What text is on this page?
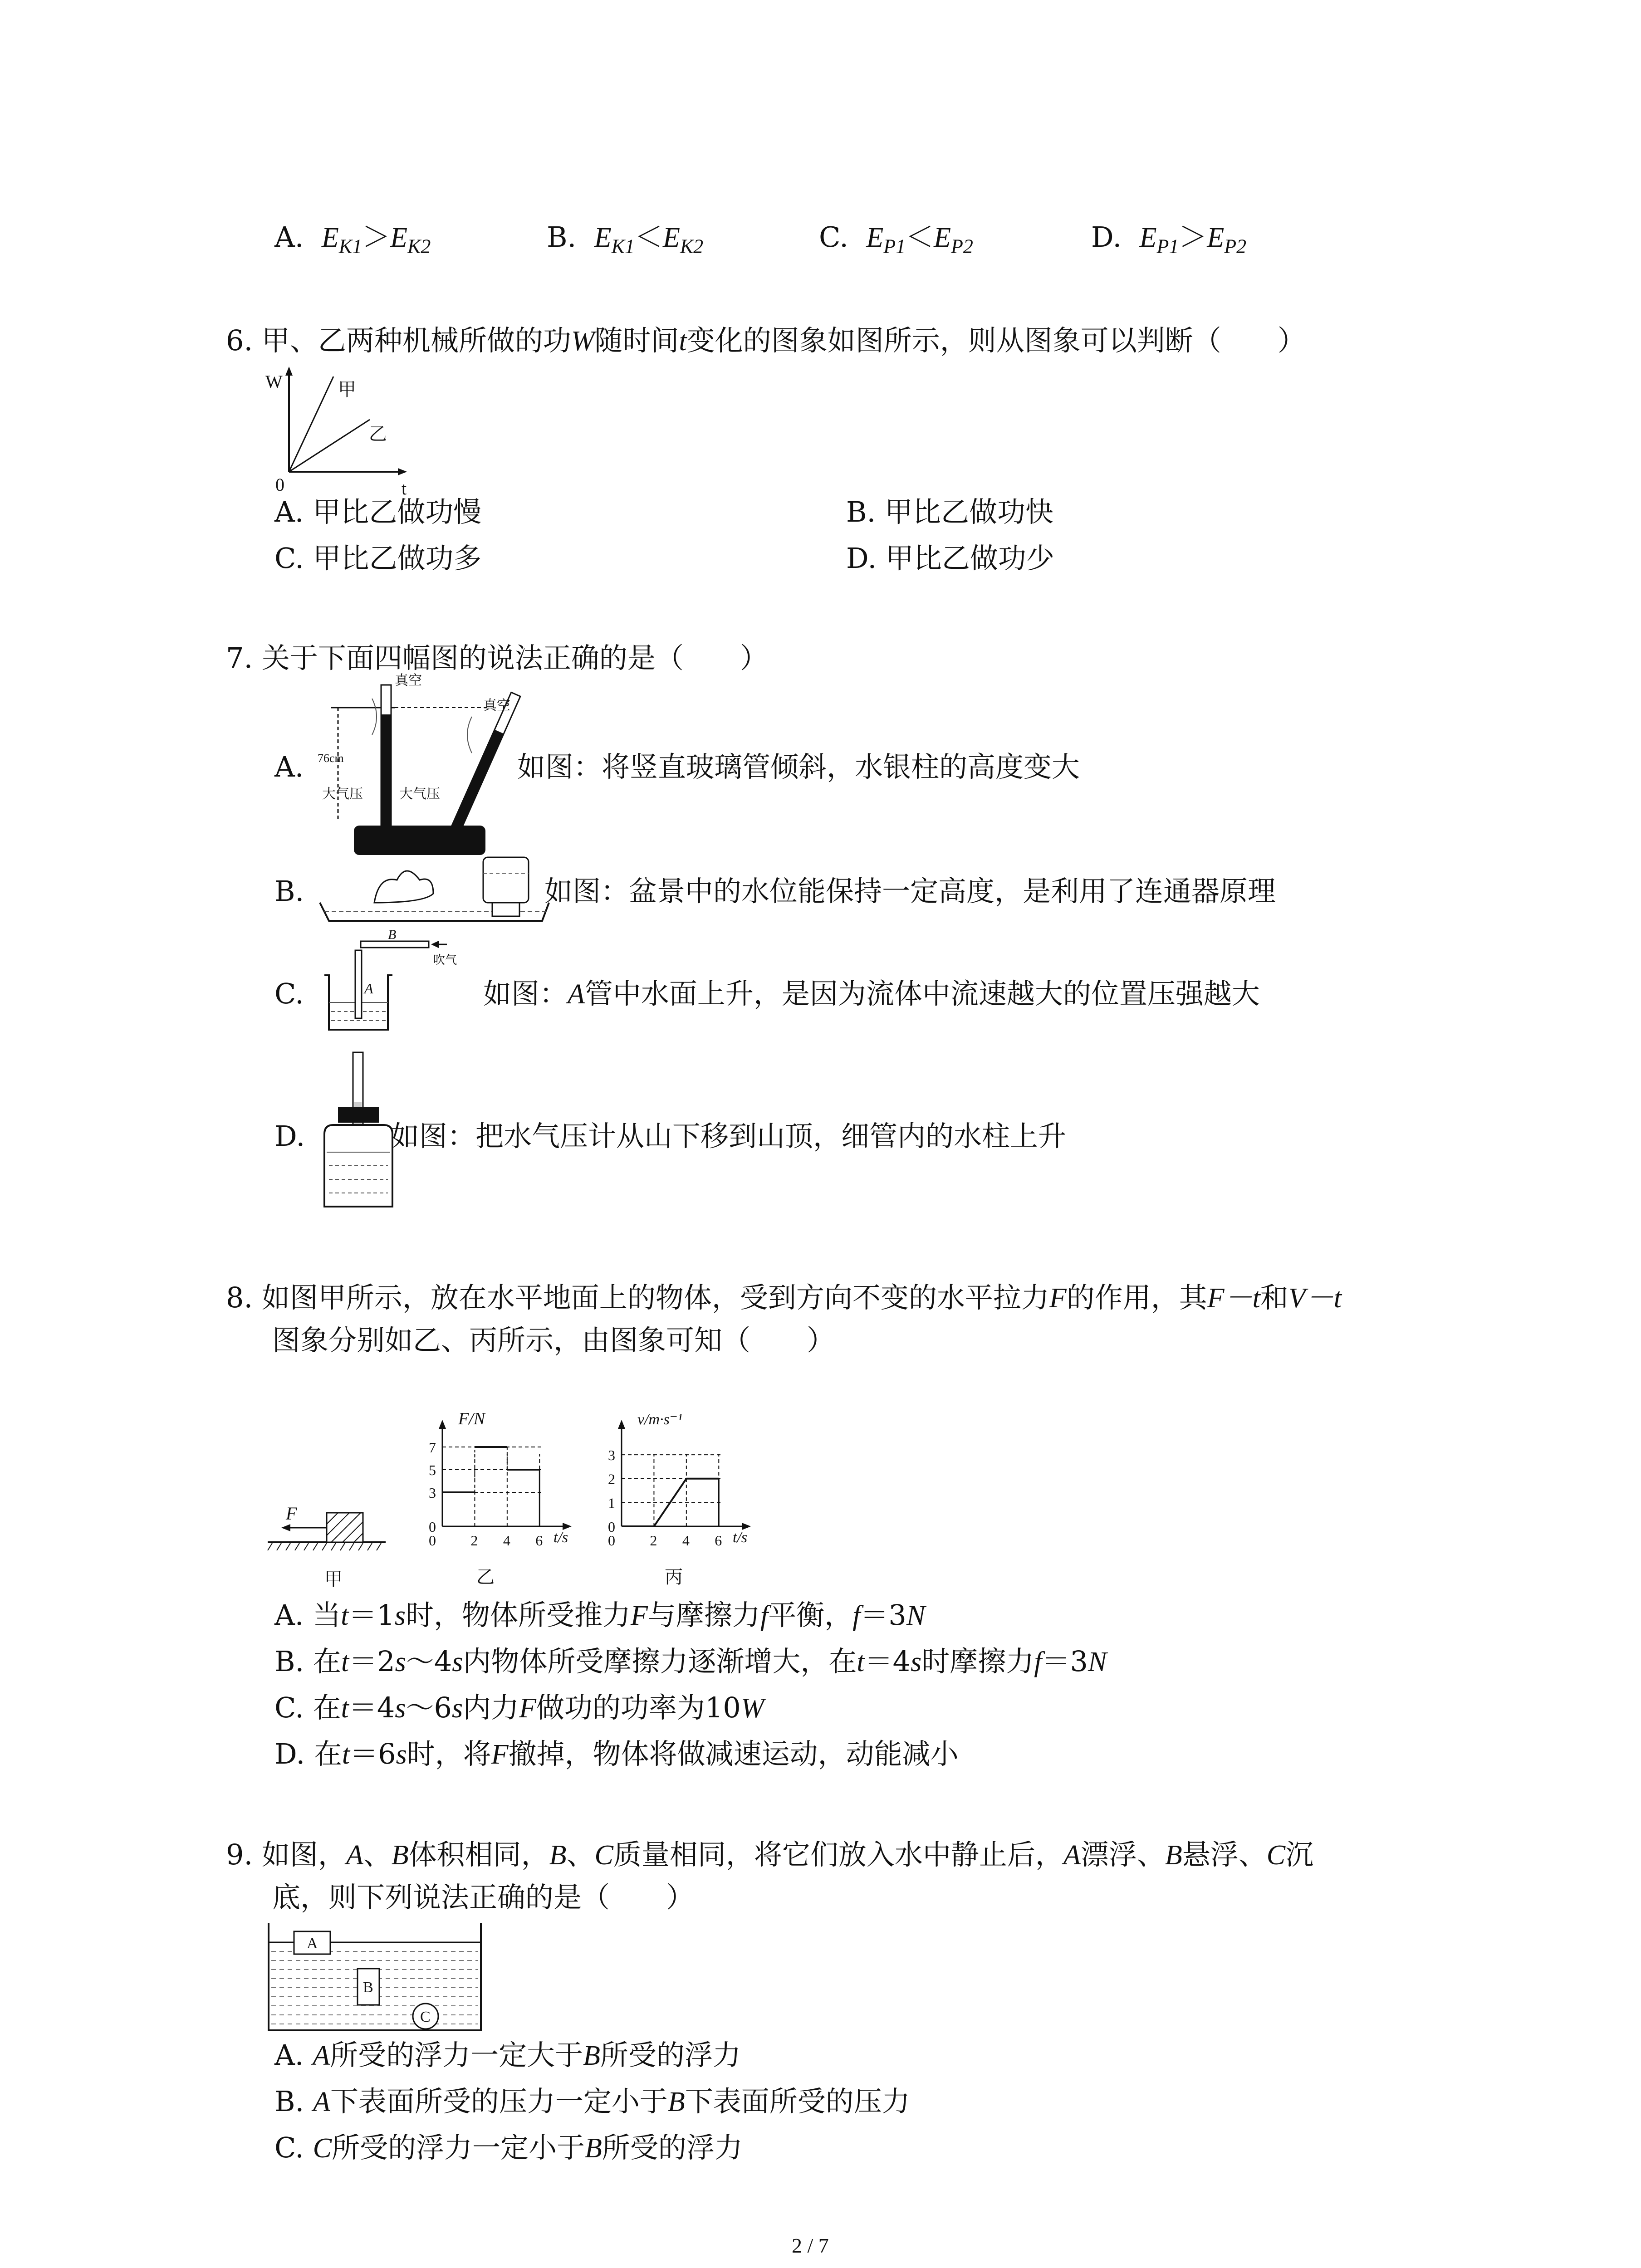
A. $E_{K1}>E_{K2}$	B. $E_{K1}<E_{K2}$	C. $E_{P1}<E_{P2}$	D. $E_{P1}>E_{P2}$
6. 甲、乙两种机械所做的功W随时间t变化的图象如图所示，则从图象可以判断（　　）
W
t
0
甲
乙
A. 甲比乙做功慢	B. 甲比乙做功快
C. 甲比乙做功多	D. 甲比乙做功少
7. 关于下面四幅图的说法正确的是（　　）
A.
真空
真空
76cm
大气压	大气压
如图：将竖直玻璃管倾斜，水银柱的高度变大
B.	如图：盆景中的水位能保持一定高度，是利用了连通器原理
C.
B
吹气
A	如图：A管中水面上升，是因为流体中流速越大的位置压强越大
D.	如图：把水气压计从山下移到山顶，细管内的水柱上升
8. 如图甲所示，放在水平地面上的物体，受到方向不变的水平拉力F的作用，其F－t和V－t
图象分别如乙、丙所示，由图象可知（　　）
F
甲
F/N
t/s
乙
7
5
3
0
2 4 6
0
v/m·s⁻¹
t/s
丙
3
2
1
0
2 4 6
0
A. 当t＝1s时，物体所受推力F与摩擦力f平衡，f＝3N
B. 在t＝2s～4s内物体所受摩擦力逐渐增大，在t＝4s时摩擦力f＝3N
C. 在t＝4s～6s内力F做功的功率为10W
D. 在t＝6s时，将F撤掉，物体将做减速运动，动能减小
9. 如图，A、B体积相同，B、C质量相同，将它们放入水中静止后，A漂浮、B悬浮、C沉
底，则下列说法正确的是（　　）
A
B
C
A. A所受的浮力一定大于B所受的浮力
B. A下表面所受的压力一定小于B下表面所受的压力
C. C所受的浮力一定小于B所受的浮力
2 / 7
